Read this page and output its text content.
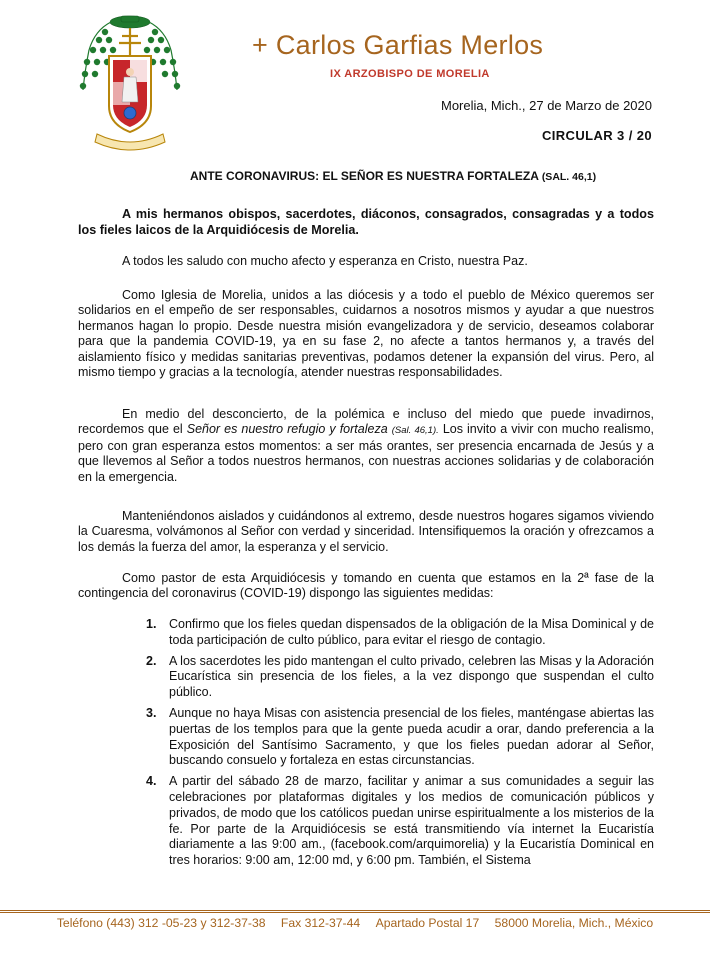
+ Carlos Garfias Merlos
IX ARZOBISPO DE MORELIA
Morelia, Mich., 27 de Marzo de 2020
CIRCULAR 3 / 20
ANTE CORONAVIRUS: EL SEÑOR ES NUESTRA FORTALEZA (SAL. 46,1)

A mis hermanos obispos, sacerdotes, diáconos, consagrados, consagradas y a todos los fieles laicos de la Arquidiócesis de Morelia.

A todos les saludo con mucho afecto y esperanza en Cristo, nuestra Paz.

Como Iglesia de Morelia, unidos a las diócesis y a todo el pueblo de México queremos ser solidarios en el empeño de ser responsables, cuidarnos a nosotros mismos y ayudar a que nuestros hermanos hagan lo propio. Desde nuestra misión evangelizadora y de servicio, deseamos colaborar para que la pandemia COVID-19, ya en su fase 2, no afecte a tantos hermanos y, a través del aislamiento físico y medidas sanitarias preventivas, podamos detener la expansión del virus. Pero, al mismo tiempo y gracias a la tecnología, atender nuestras responsabilidades.

En medio del desconcierto, de la polémica e incluso del miedo que puede invadirnos, recordemos que el Señor es nuestro refugio y fortaleza (Sal. 46,1). Los invito a vivir con mucho realismo, pero con gran esperanza estos momentos: a ser más orantes, ser presencia encarnada de Jesús y a que llevemos al Señor a todos nuestros hermanos, con nuestras acciones solidarias y de colaboración en la emergencia.

Manteniéndonos aislados y cuidándonos al extremo, desde nuestros hogares sigamos viviendo la Cuaresma, volvámonos al Señor con verdad y sinceridad. Intensifiquemos la oración y ofrezcamos a los demás la fuerza del amor, la esperanza y el servicio.

Como pastor de esta Arquidiócesis y tomando en cuenta que estamos en la 2ª fase de la contingencia del coronavirus (COVID-19) dispongo las siguientes medidas:

1. Confirmo que los fieles quedan dispensados de la obligación de la Misa Dominical y de toda participación de culto público, para evitar el riesgo de contagio.
2. A los sacerdotes les pido mantengan el culto privado, celebren las Misas y la Adoración Eucarística sin presencia de los fieles, a la vez dispongo que suspendan el culto público.
3. Aunque no haya Misas con asistencia presencial de los fieles, manténgase abiertas las puertas de los templos para que la gente pueda acudir a orar, dando preferencia a la Exposición del Santísimo Sacramento, y que los fieles puedan adorar al Señor, buscando consuelo y fortaleza en estas circunstancias.
4. A partir del sábado 28 de marzo, facilitar y animar a sus comunidades a seguir las celebraciones por plataformas digitales y los medios de comunicación públicos y privados, de modo que los católicos puedan unirse espiritualmente a los misterios de la fe. Por parte de la Arquidiócesis se está transmitiendo vía internet la Eucaristía diariamente a las 9:00 am., (facebook.com/arquimorelia) y la Eucaristía Dominical en tres horarios: 9:00 am, 12:00 md, y 6:00 pm. También, el Sistema
Teléfono (443) 312 -05-23 y 312-37-38 Fax 312-37-44 Apartado Postal 17 58000 Morelia, Mich., México
